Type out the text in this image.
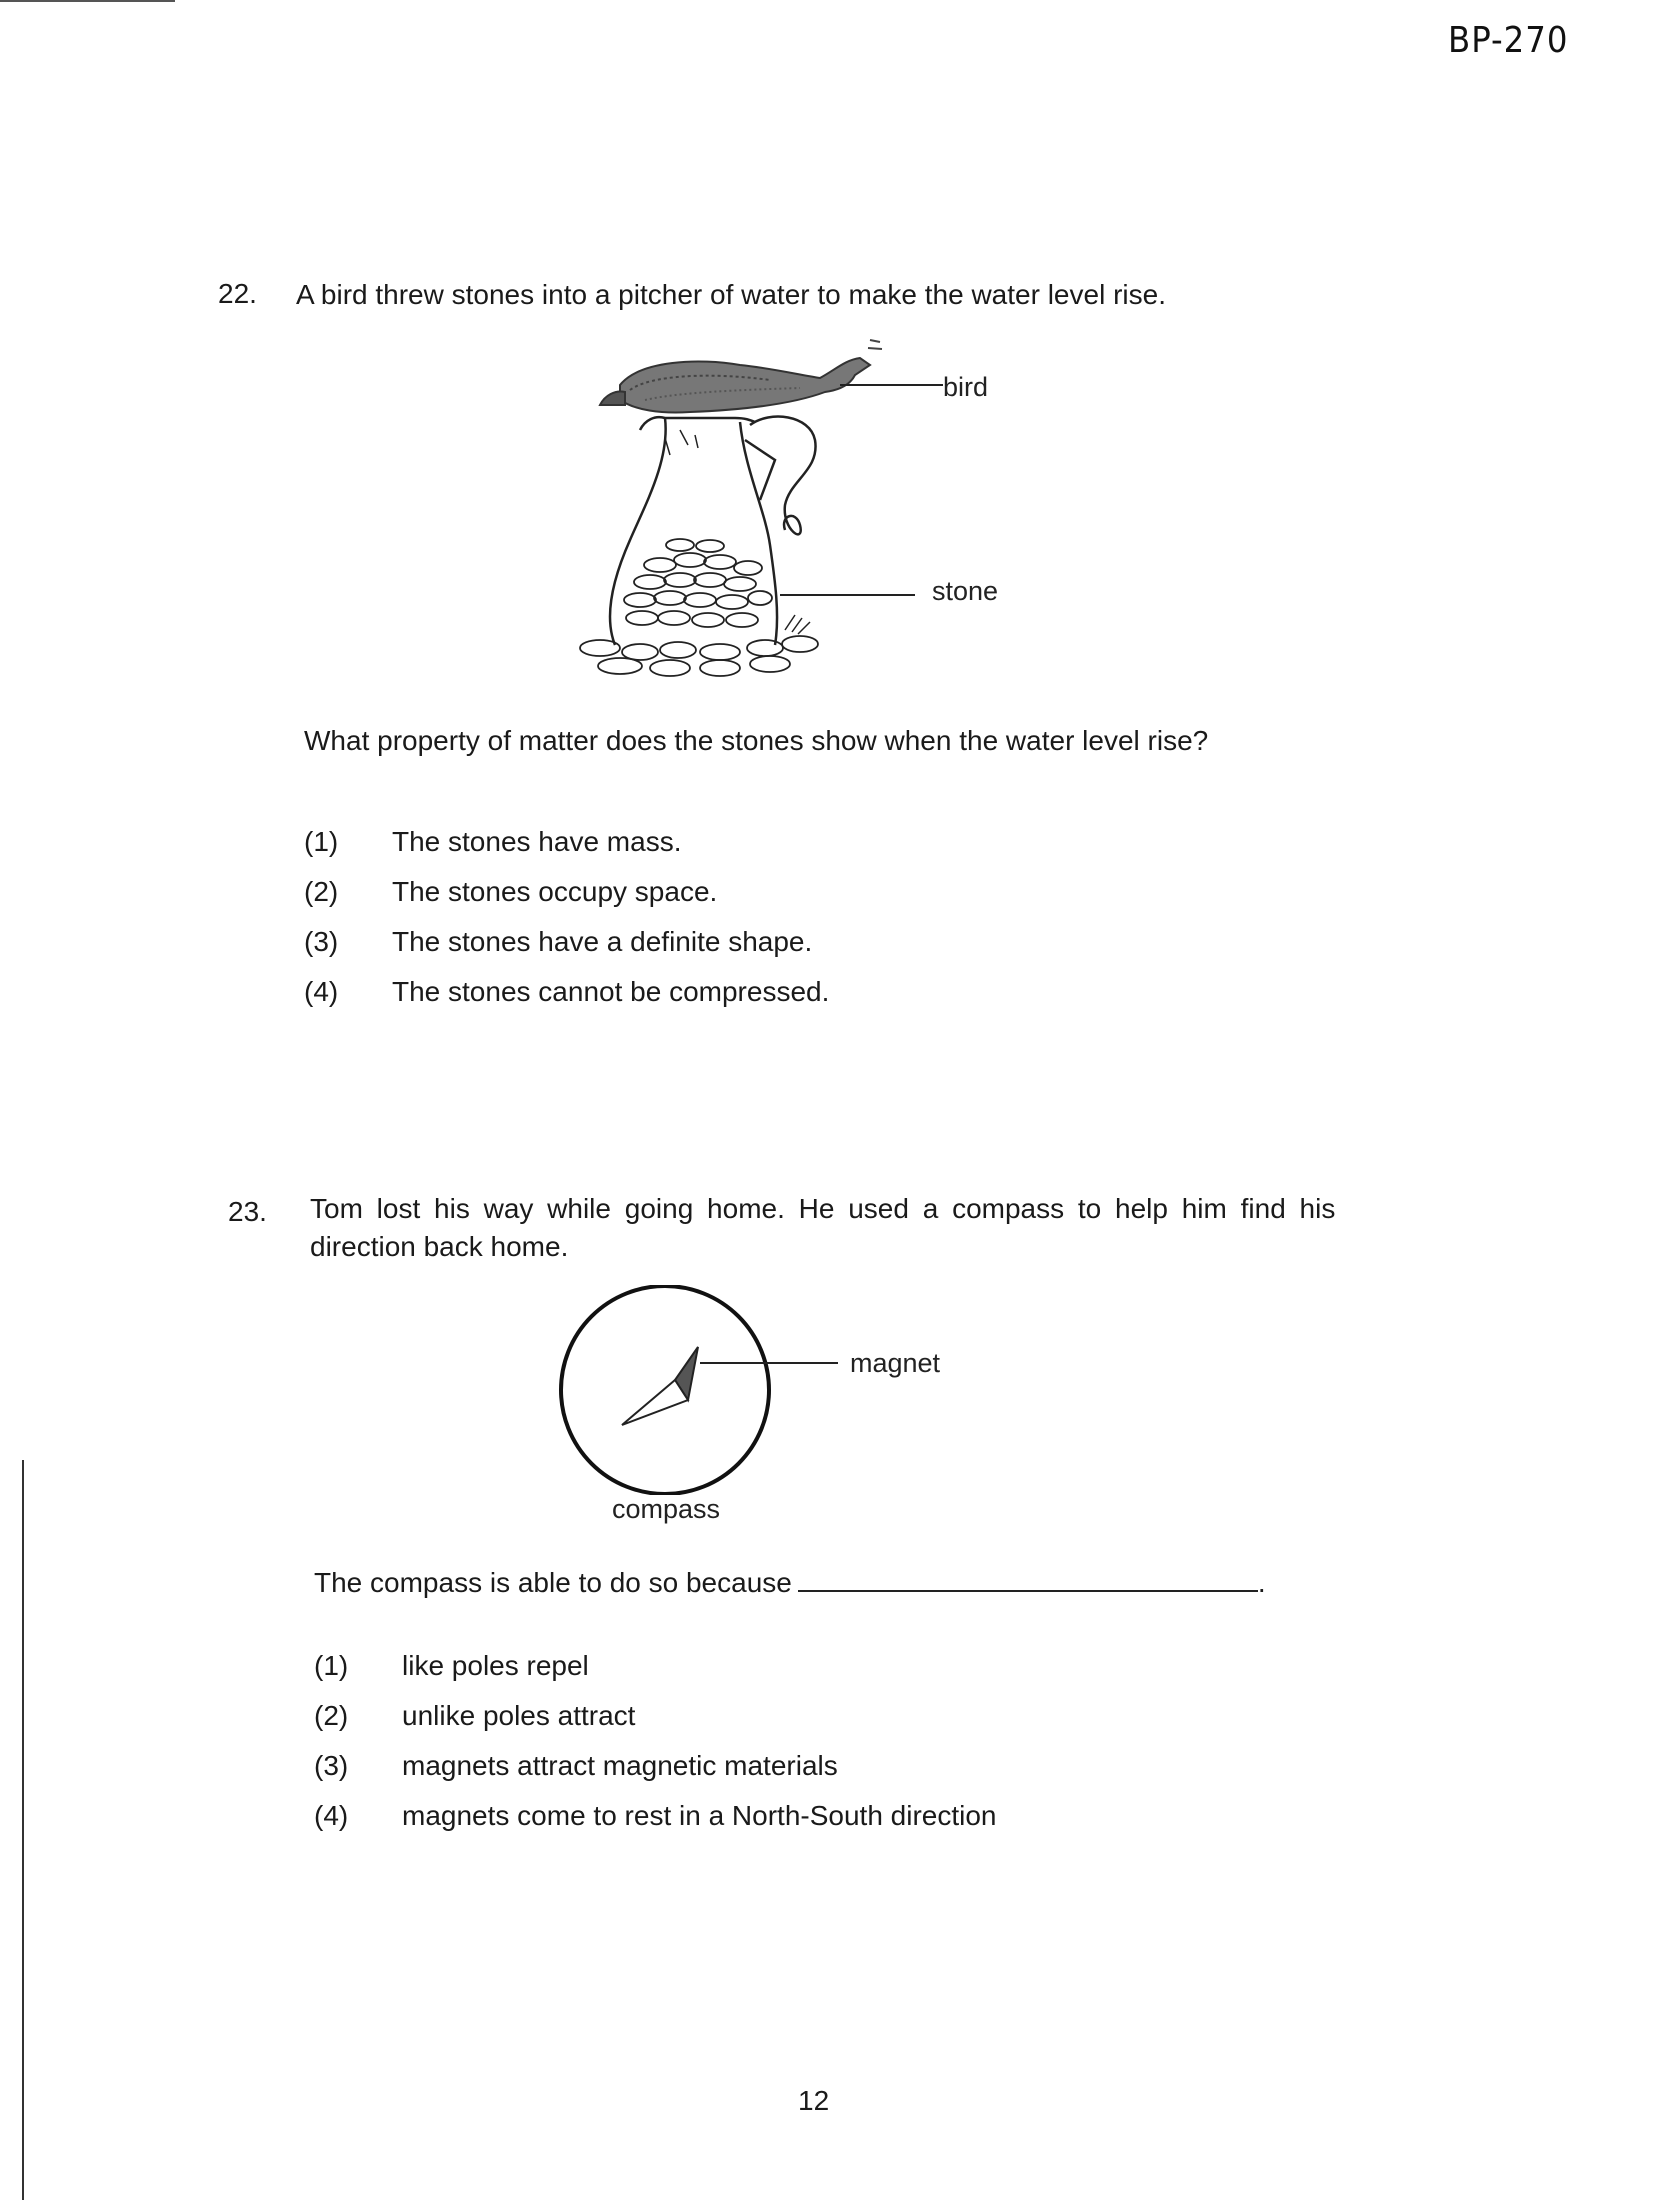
BP-270
22. A bird threw stones into a pitcher of water to make the water level rise.
bird
stone
What property of matter does the stones show when the water level rise?
(1)	The stones have mass.
(2)	The stones occupy space.
(3)	The stones have a definite shape.
(4)	The stones cannot be compressed.
23. Tom lost his way while going home. He used a compass to help him find his
direction back home.
magnet
compass
The compass is able to do so because	.
(1)	like poles repel
(2)	unlike poles attract
(3)	magnets attract magnetic materials
(4)	magnets come to rest in a North-South direction
12
